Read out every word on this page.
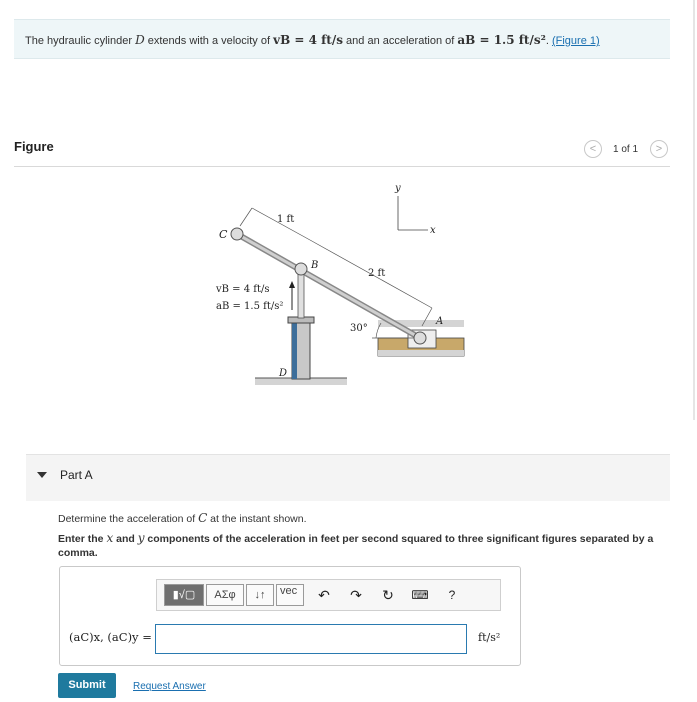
The hydraulic cylinder D extends with a velocity of vB = 4 ft/s and an acceleration of aB = 1.5 ft/s². (Figure 1)
Figure	<	1 of 1	>
C
B
A
D
1 ft
2 ft
30°
vB = 4 ft/s
aB = 1.5 ft/s²
y
x
Part A
Determine the acceleration of C at the instant shown.
Enter the x and y components of the acceleration in feet per second squared to three significant figures separated by a comma.
▮√▢	ΑΣφ	↓↑	vec	↶ ↷ ↻	⌨	?
(aC)x, (aC)y =	ft/s²
Submit	Request Answer
